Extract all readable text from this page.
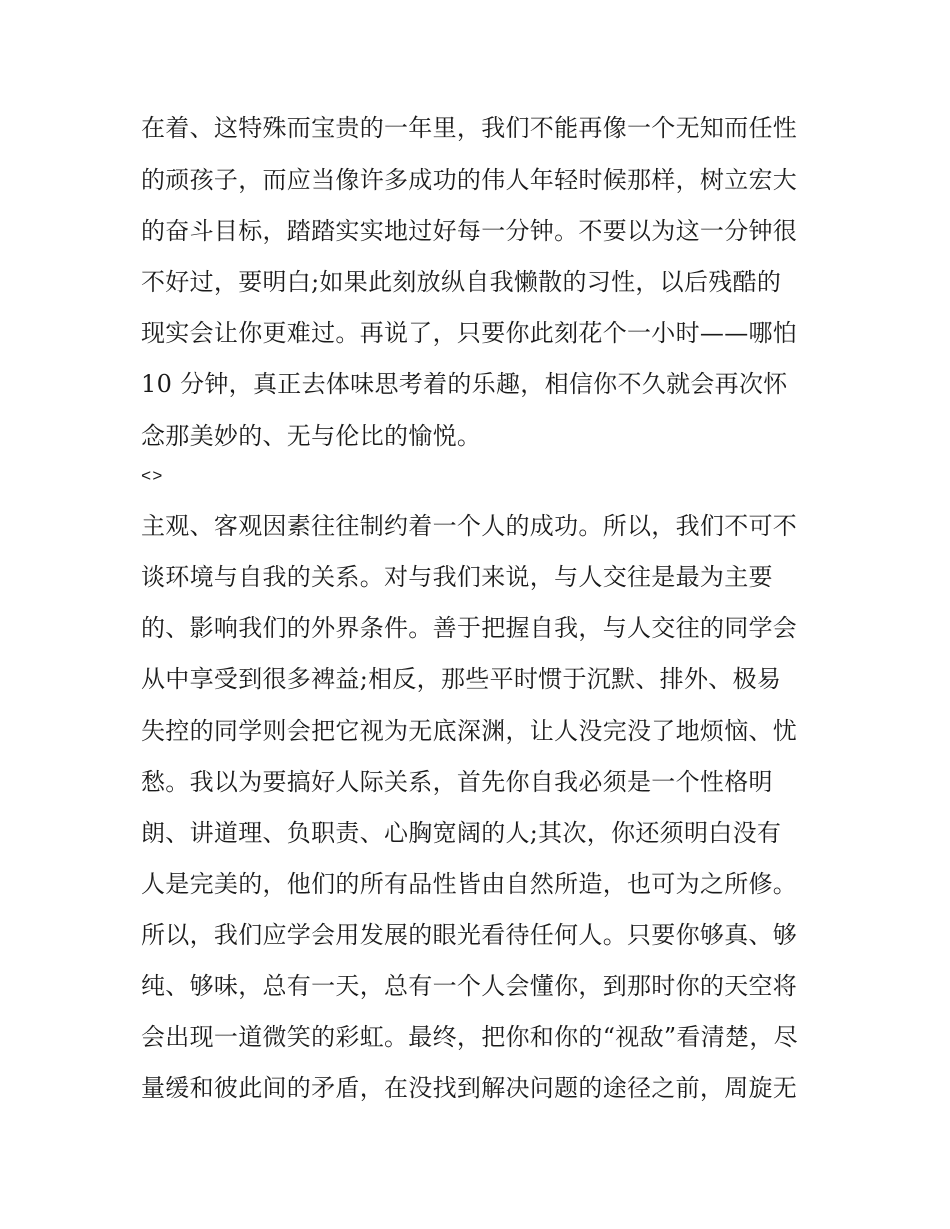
在着、这特殊而宝贵的一年里，我们不能再像一个无知而任性
的顽孩子，而应当像许多成功的伟人年轻时候那样，树立宏大
的奋斗目标，踏踏实实地过好每一分钟。不要以为这一分钟很
不好过，要明白;如果此刻放纵自我懒散的习性，以后残酷的
现实会让你更难过。再说了，只要你此刻花个一小时——哪怕
10 分钟，真正去体味思考着的乐趣，相信你不久就会再次怀
念那美妙的、无与伦比的愉悦。
<>
主观、客观因素往往制约着一个人的成功。所以，我们不可不
谈环境与自我的关系。对与我们来说，与人交往是最为主要
的、影响我们的外界条件。善于把握自我，与人交往的同学会
从中享受到很多裨益;相反，那些平时惯于沉默、排外、极易
失控的同学则会把它视为无底深渊，让人没完没了地烦恼、忧
愁。我以为要搞好人际关系，首先你自我必须是一个性格明
朗、讲道理、负职责、心胸宽阔的人;其次，你还须明白没有
人是完美的，他们的所有品性皆由自然所造，也可为之所修。
所以，我们应学会用发展的眼光看待任何人。只要你够真、够
纯、够味，总有一天，总有一个人会懂你，到那时你的天空将
会出现一道微笑的彩虹。最终，把你和你的“视敌”看清楚，尽
量缓和彼此间的矛盾，在没找到解决问题的途径之前，周旋无
